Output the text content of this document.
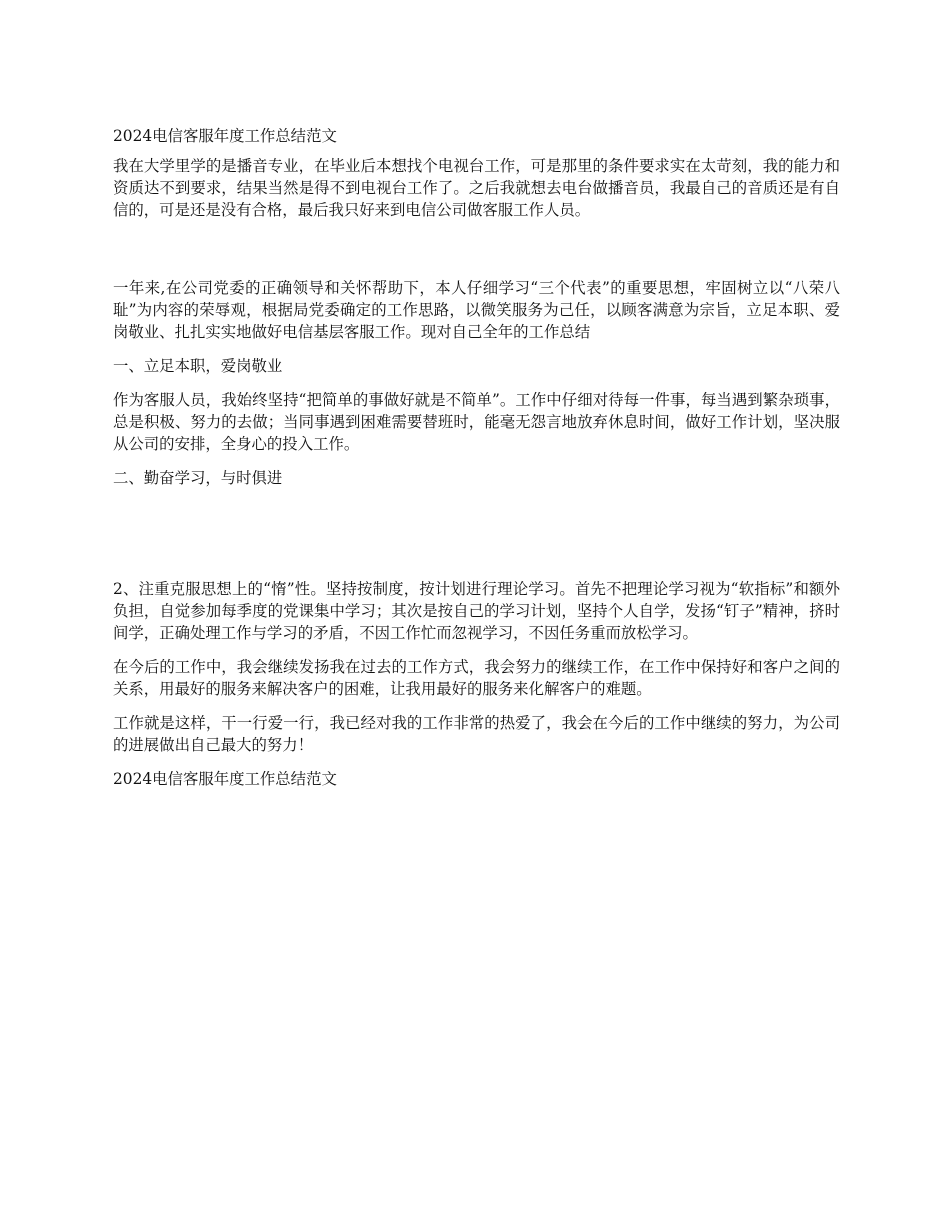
2024电信客服年度工作总结范文

我在大学里学的是播音专业，在毕业后本想找个电视台工作，可是那里的条件要求实在太苛刻，我的能力和资质达不到要求，结果当然是得不到电视台工作了。之后我就想去电台做播音员，我最自己的音质还是有自信的，可是还是没有合格，最后我只好来到电信公司做客服工作人员。

一年来,在公司党委的正确领导和关怀帮助下，本人仔细学习“三个代表”的重要思想，牢固树立以“八荣八耻”为内容的荣辱观，根据局党委确定的工作思路，以微笑服务为己任，以顾客满意为宗旨，立足本职、爱岗敬业、扎扎实实地做好电信基层客服工作。现对自己全年的工作总结

一、立足本职，爱岗敬业

作为客服人员，我始终坚持“把简单的事做好就是不简单”。工作中仔细对待每一件事，每当遇到繁杂琐事，总是积极、努力的去做；当同事遇到困难需要替班时，能毫无怨言地放弃休息时间，做好工作计划，坚决服从公司的安排，全身心的投入工作。

二、勤奋学习，与时俱进

2、注重克服思想上的“惰”性。坚持按制度，按计划进行理论学习。首先不把理论学习视为“软指标”和额外负担，自觉参加每季度的党课集中学习；其次是按自己的学习计划，坚持个人自学，发扬“钉子”精神，挤时间学，正确处理工作与学习的矛盾，不因工作忙而忽视学习，不因任务重而放松学习。

在今后的工作中，我会继续发扬我在过去的工作方式，我会努力的继续工作，在工作中保持好和客户之间的关系，用最好的服务来解决客户的困难，让我用最好的服务来化解客户的难题。

工作就是这样，干一行爱一行，我已经对我的工作非常的热爱了，我会在今后的工作中继续的努力，为公司的进展做出自己最大的努力！

2024电信客服年度工作总结范文
